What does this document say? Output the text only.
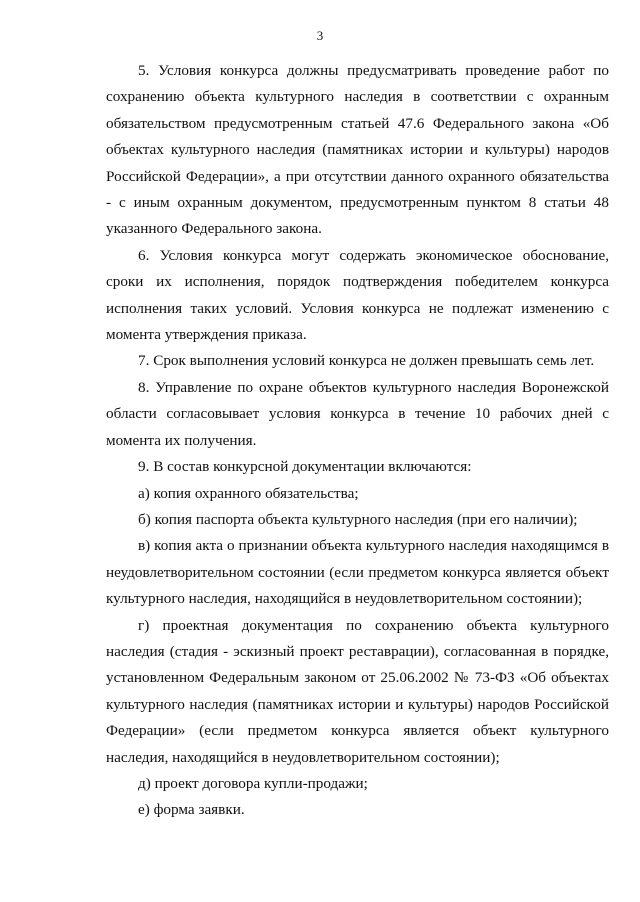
3

5. Условия конкурса должны предусматривать проведение работ по сохранению объекта культурного наследия в соответствии с охранным обязательством предусмотренным статьей 47.6 Федерального закона «Об объектах культурного наследия (памятниках истории и культуры) народов Российской Федерации», а при отсутствии данного охранного обязательства - с иным охранным документом, предусмотренным пунктом 8 статьи 48 указанного Федерального закона.

6. Условия конкурса могут содержать экономическое обоснование, сроки их исполнения, порядок подтверждения победителем конкурса исполнения таких условий. Условия конкурса не подлежат изменению с момента утверждения приказа.

7. Срок выполнения условий конкурса не должен превышать семь лет.

8. Управление по охране объектов культурного наследия Воронежской области согласовывает условия конкурса в течение 10 рабочих дней с момента их получения.

9. В состав конкурсной документации включаются:

а) копия охранного обязательства;

б) копия паспорта объекта культурного наследия (при его наличии);

в) копия акта о признании объекта культурного наследия находящимся в неудовлетворительном состоянии (если предметом конкурса является объект культурного наследия, находящийся в неудовлетворительном состоянии);

г) проектная документация по сохранению объекта культурного наследия (стадия - эскизный проект реставрации), согласованная в порядке, установленном Федеральным законом от 25.06.2002 № 73-ФЗ «Об объектах культурного наследия (памятниках истории и культуры) народов Российской Федерации» (если предметом конкурса является объект культурного наследия, находящийся в неудовлетворительном состоянии);

д) проект договора купли-продажи;

е) форма заявки.
